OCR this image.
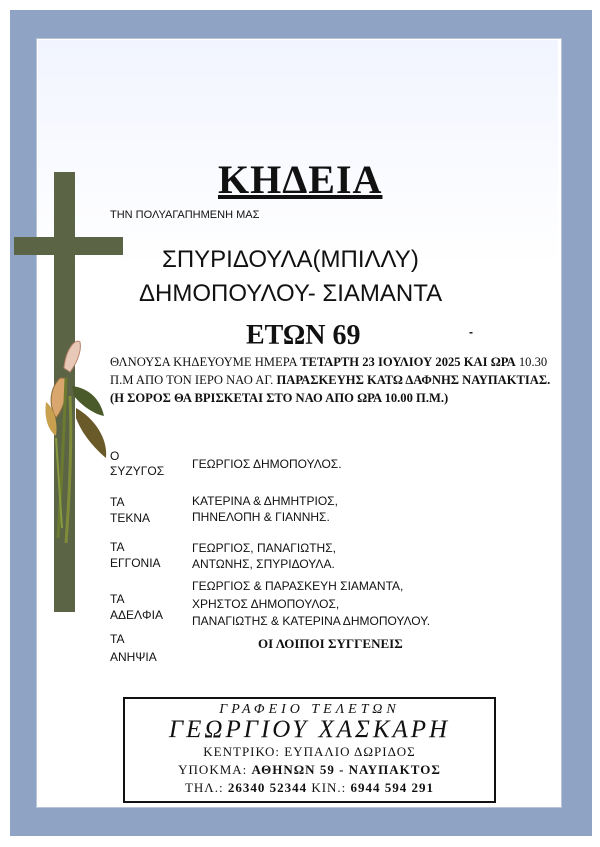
ΚΗΔΕΙΑ
ΤΗΝ ΠΟΛΥΑΓΑΠΗΜΕΝΗ ΜΑΣ
ΣΠΥΡΙΔΟΥΛΑ(ΜΠΙΛΛΥ)
ΔΗΜΟΠΟΥΛΟΥ- ΣΙΑΜΑΝΤΑ
ΕΤΩΝ 69	-
ΘΛΝΟΥΣΑ ΚΗΔΕΥΟΥΜΕ ΗΜΕΡΑ ΤΕΤΑΡΤΗ 23 ΙΟΥΛΙΟΥ 2025 ΚΑΙ ΩΡΑ 10.30 Π.Μ ΑΠΟ ΤΟΝ ΙΕΡΟ ΝΑΟ ΑΓ. ΠΑΡΑΣΚΕΥΗΣ ΚΑΤΩ ΔΑΦΝΗΣ ΝΑΥΠΑΚΤΙΑΣ.(Η ΣΟΡΟΣ ΘΑ ΒΡΙΣΚΕΤΑΙ ΣΤΟ ΝΑΟ ΑΠΟ ΩΡΑ 10.00 Π.Μ.)
Ο
ΣΥΖΥΓΟΣ ΓΕΩΡΓΙΟΣ ΔΗΜΟΠΟΥΛΟΣ.
ΤΑ
ΤΕΚΝΑ
ΚΑΤΕΡΙΝΑ & ΔΗΜΗΤΡΙΟΣ,
ΠΗΝΕΛΟΠΗ & ΓΙΑΝΝΗΣ.
ΤΑ
ΕΓΓΟΝΙΑ
ΓΕΩΡΓΙΟΣ, ΠΑΝΑΓΙΩΤΗΣ,
ΑΝΤΩΝΗΣ, ΣΠΥΡΙΔΟΥΛΑ.
ΤΑ
ΑΔΕΛΦΙΑ
ΓΕΩΡΓΙΟΣ & ΠΑΡΑΣΚΕΥΗ ΣΙΑΜΑΝΤΑ,
ΧΡΗΣΤΟΣ ΔΗΜΟΠΟΥΛΟΣ,
ΠΑΝΑΓΙΩΤΗΣ & ΚΑΤΕΡΙΝΑ ΔΗΜΟΠΟΥΛΟΥ.
ΤΑ
ΑΝΗΨΙΑ
ΟΙ ΛΟΙΠΟΙ ΣΥΓΓΕΝΕΙΣ
ΓΡΑΦΕΙΟ ΤΕΛΕΤΩΝ
ΓΕΩΡΓΙΟΥ ΧΑΣΚΑΡΗ
ΚΕΝΤΡΙΚΟ: ΕΥΠΑΛΙΟ ΔΩΡΙΔΟΣ
ΥΠΟΚΜΑ: ΑΘΗΝΩΝ 59 - ΝΑΥΠΑΚΤΟΣ
ΤΗΛ.: 26340 52344 ΚΙΝ.: 6944 594 291
